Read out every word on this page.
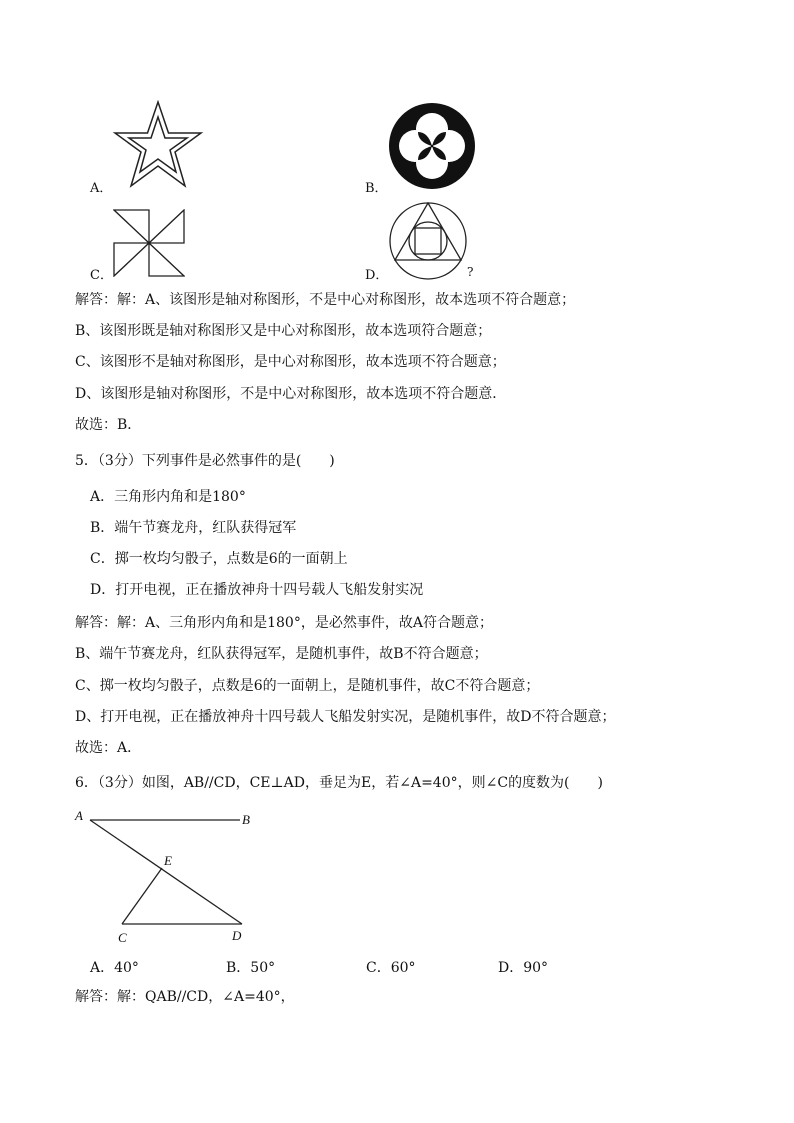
A．	B．
C．	D．	?
解答：解：A、该图形是轴对称图形，不是中心对称图形，故本选项不符合题意；
B、该图形既是轴对称图形又是中心对称图形，故本选项符合题意；
C、该图形不是轴对称图形，是中心对称图形，故本选项不符合题意；
D、该图形是轴对称图形，不是中心对称图形，故本选项不符合题意．
故选：B．
5．（3分）下列事件是必然事件的是(　　)
A．三角形内角和是180°
B．端午节赛龙舟，红队获得冠军
C．掷一枚均匀骰子，点数是6的一面朝上
D．打开电视，正在播放神舟十四号载人飞船发射实况
解答：解：A、三角形内角和是180°，是必然事件，故A符合题意；
B、端午节赛龙舟，红队获得冠军，是随机事件，故B不符合题意；
C、掷一枚均匀骰子，点数是6的一面朝上，是随机事件，故C不符合题意；
D、打开电视，正在播放神舟十四号载人飞船发射实况，是随机事件，故D不符合题意；
故选：A．
6．（3分）如图，AB//CD，CE⊥AD，垂足为E，若∠A=40°，则∠C的度数为(　　)
A	B
E
C	D
A．40°	B．50°	C．60°	D．90°
解答：解：QAB//CD，∠A=40°，
